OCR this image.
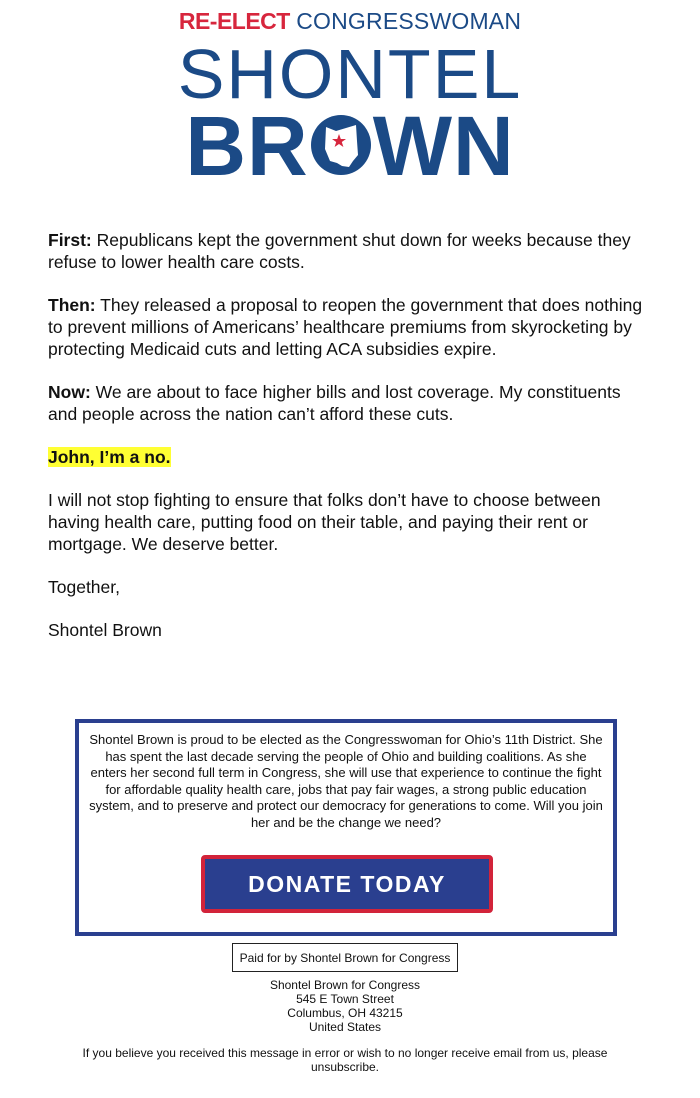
RE-ELECT CONGRESSWOMAN
SHONTEL
BR WN

First: Republicans kept the government shut down for weeks because they refuse to lower health care costs.

Then: They released a proposal to reopen the government that does nothing to prevent millions of Americans’ healthcare premiums from skyrocketing by protecting Medicaid cuts and letting ACA subsidies expire.

Now: We are about to face higher bills and lost coverage. My constituents and people across the nation can’t afford these cuts.

John, I’m a no.

I will not stop fighting to ensure that folks don’t have to choose between having health care, putting food on their table, and paying their rent or mortgage. We deserve better.

Together,

Shontel Brown

Shontel Brown is proud to be elected as the Congresswoman for Ohio’s 11th District. She has spent the last decade serving the people of Ohio and building coalitions. As she enters her second full term in Congress, she will use that experience to continue the fight for affordable quality health care, jobs that pay fair wages, a strong public education system, and to preserve and protect our democracy for generations to come. Will you join her and be the change we need?
DONATE TODAY
Paid for by Shontel Brown for Congress
Shontel Brown for Congress
545 E Town Street
Columbus, OH 43215
United States
If you believe you received this message in error or wish to no longer receive email from us, please unsubscribe.
